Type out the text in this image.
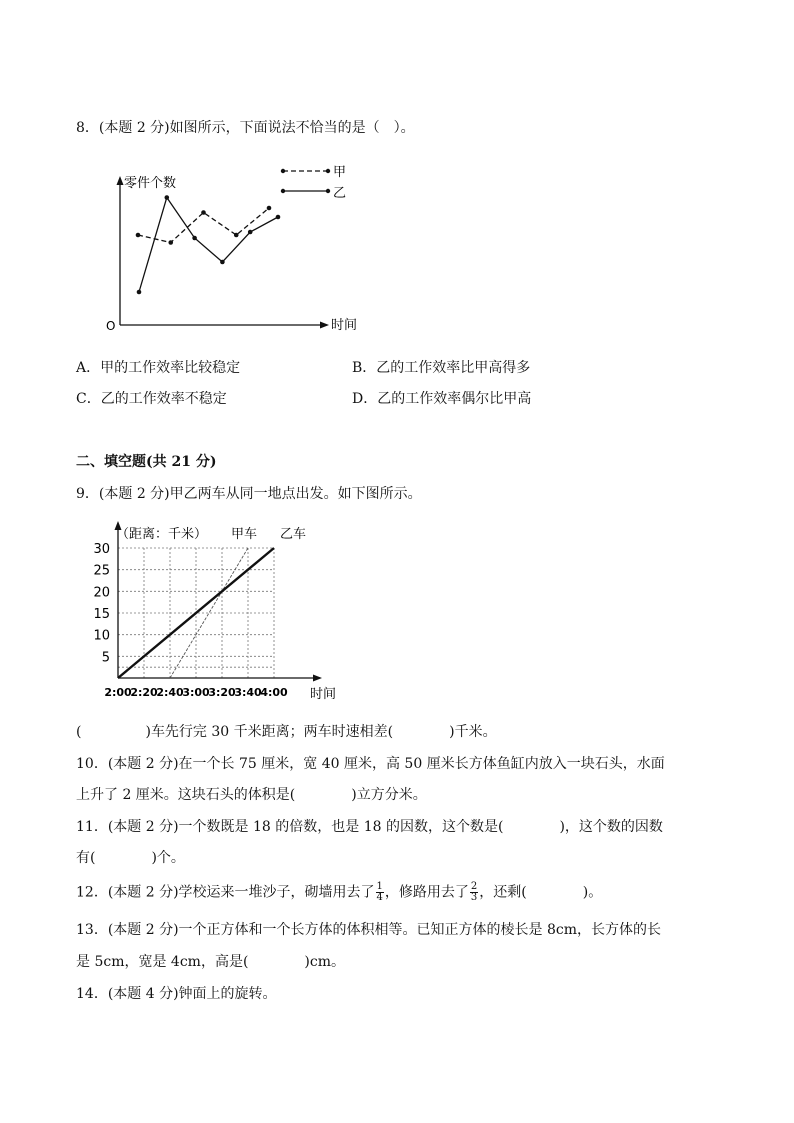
8．(本题 2 分)如图所示，下面说法不恰当的是（　）。
零件个数
时间
O
甲
乙
A．甲的工作效率比较稳定	B．乙的工作效率比甲高得多
C．乙的工作效率不稳定	D．乙的工作效率偶尔比甲高
二、填空题(共 21 分)
9．(本题 2 分)甲乙两车从同一地点出发。如下图所示。
（距离：千米） 甲车 乙车
时间
5
10
15
20
25
30
2:00
2:20
2:40
3:00
3:20
3:40
4:00
(	)车先行完 30 千米距离；两车时速相差(	)千米。
10．(本题 2 分)在一个长 75 厘米，宽 40 厘米，高 50 厘米长方体鱼缸内放入一块石头，水面
上升了 2 厘米。这块石头的体积是(	)立方分米。
11．(本题 2 分)一个数既是 18 的倍数，也是 18 的因数，这个数是(	)，这个数的因数
有(	)个。
12．(本题 2 分)学校运来一堆沙子，砌墙用去了 $\frac{1}{4}$ ，修路用去了 $\frac{2}{3}$ ，还剩(	)。
13．(本题 2 分)一个正方体和一个长方体的体积相等。已知正方体的棱长是 8cm，长方体的长
是 5cm，宽是 4cm，高是(	)cm。
14．(本题 4 分)钟面上的旋转。
